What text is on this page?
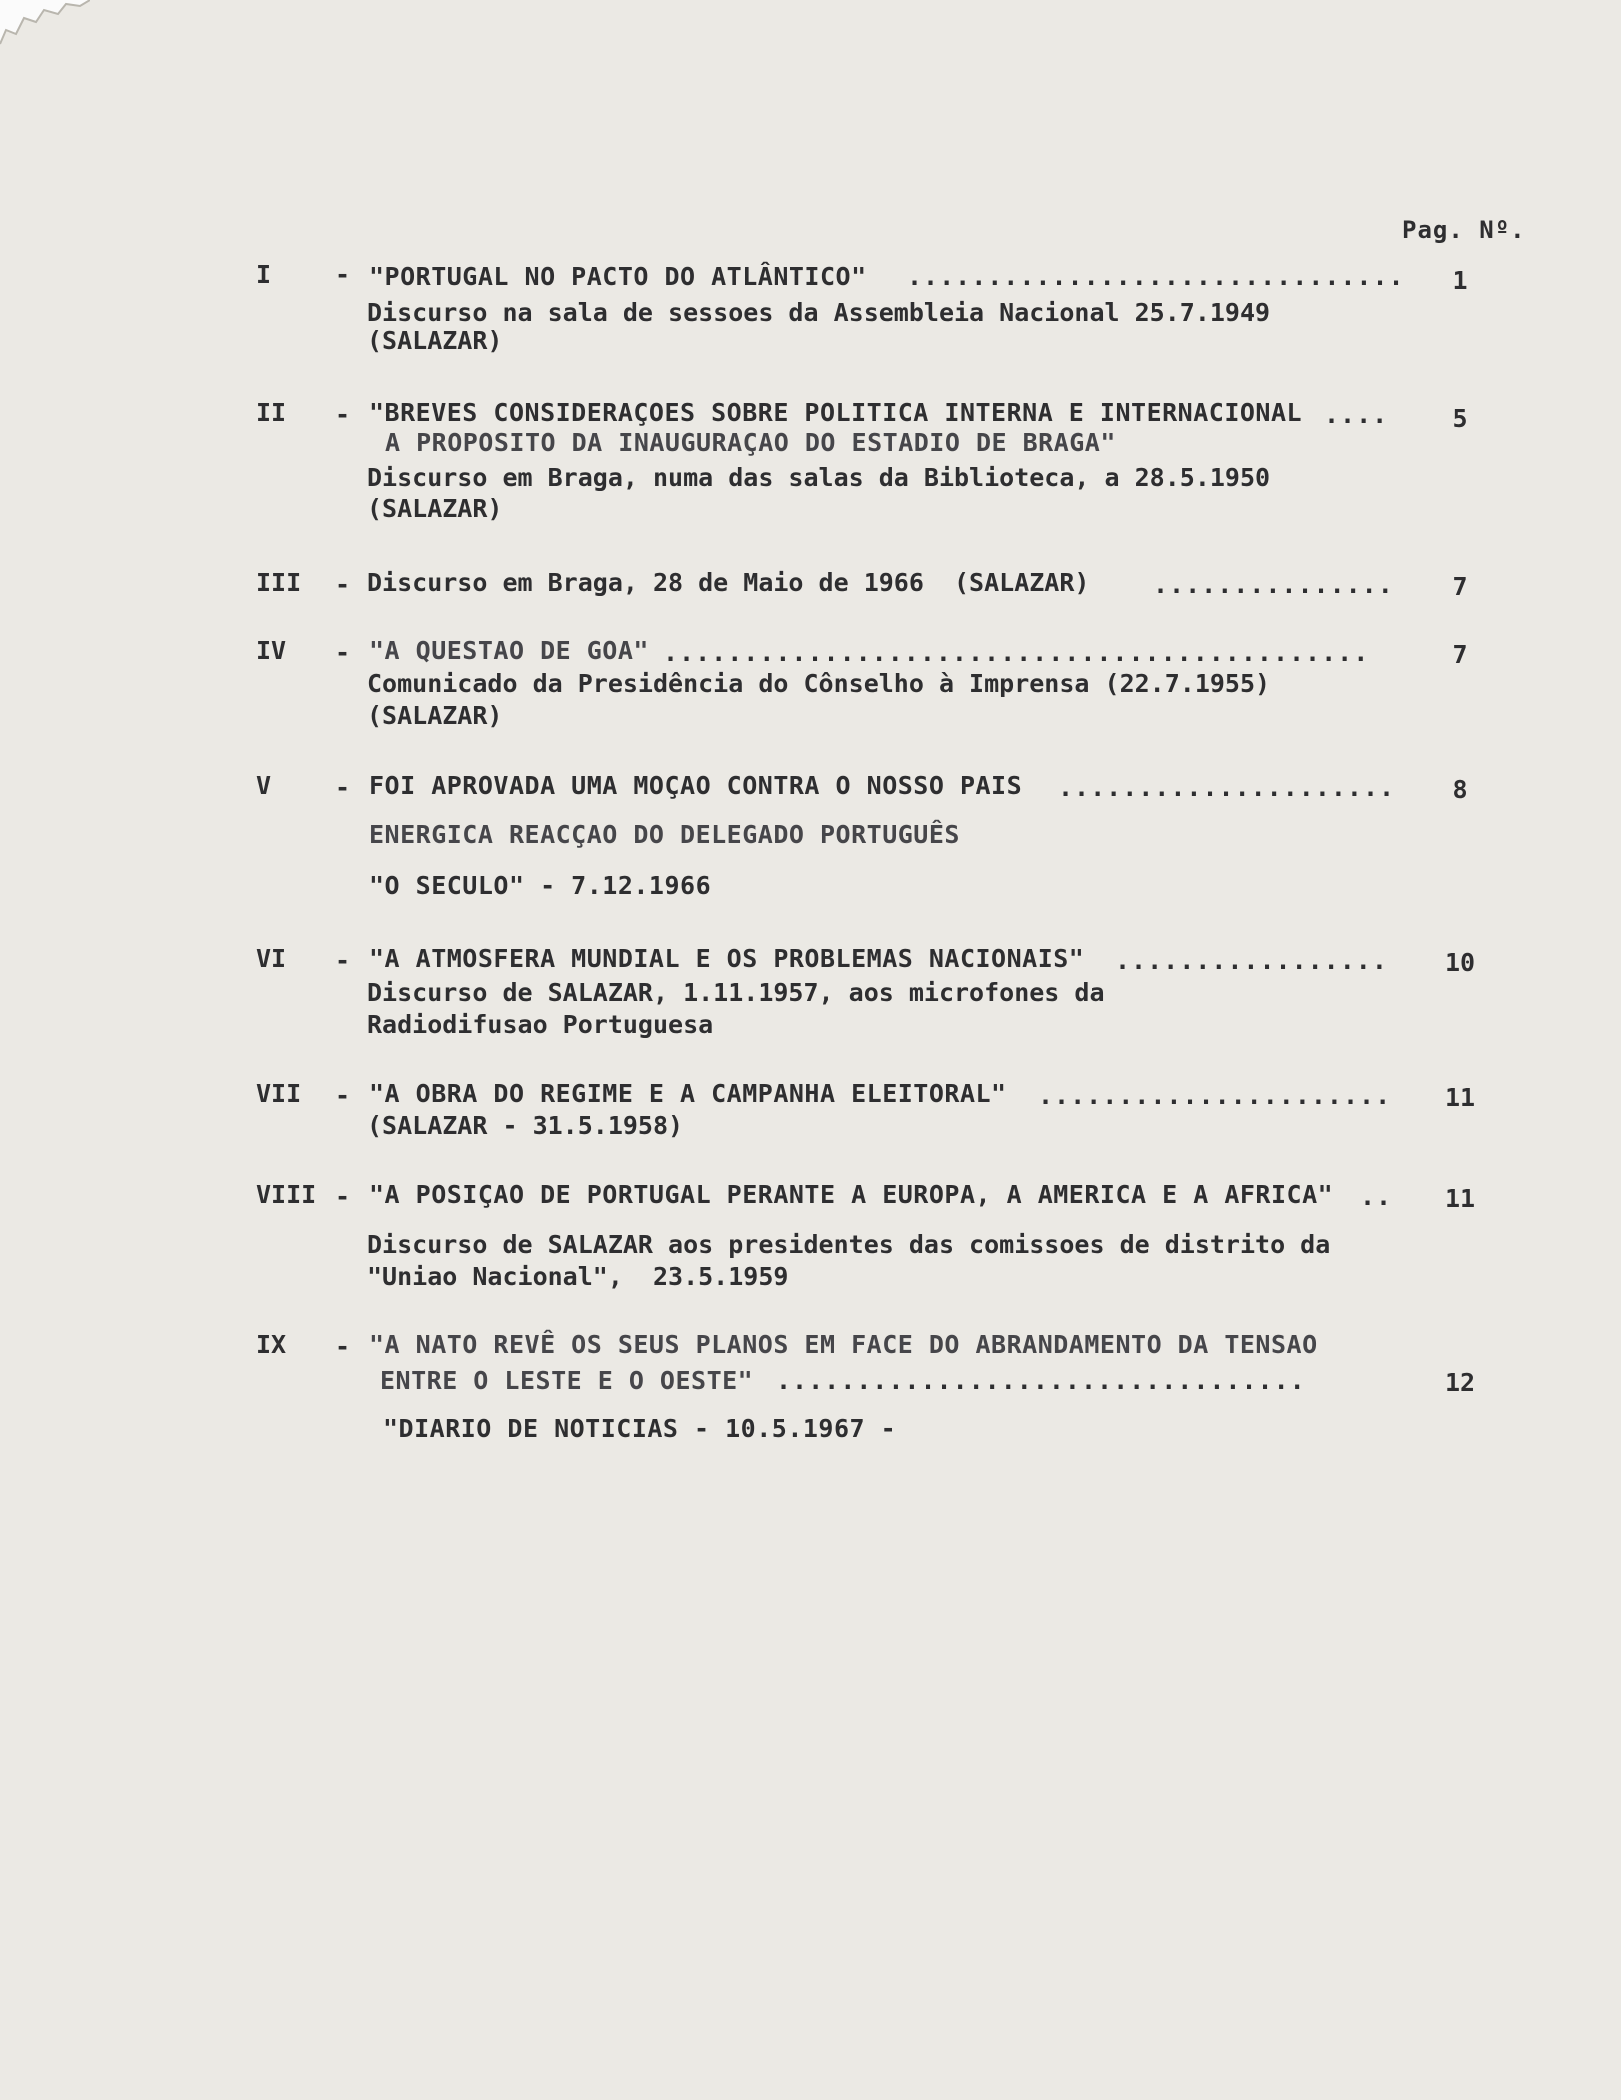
Pag. Nº.
I	- "PORTUGAL NO PACTO DO ATLÂNTICO" ...............................	1
Discurso na sala de sessoes da Assembleia Nacional 25.7.1949
(SALAZAR)
II - "BREVES CONSIDERAÇOES SOBRE POLITICA INTERNA E INTERNACIONAL ....	5
A PROPOSITO DA INAUGURAÇAO DO ESTADIO DE BRAGA"
Discurso em Braga, numa das salas da Biblioteca, a 28.5.1950
(SALAZAR)
III - Discurso em Braga, 28 de Maio de 1966  (SALAZAR)	...............	7
IV - "A QUESTAO DE GOA" ............................................	7
Comunicado da Presidência do Cônselho à Imprensa (22.7.1955)
(SALAZAR)
V	- FOI APROVADA UMA MOÇAO CONTRA O NOSSO PAIS .....................	8
ENERGICA REACÇAO DO DELEGADO PORTUGUÊS
"O SECULO" - 7.12.1966
VI - "A ATMOSFERA MUNDIAL E OS PROBLEMAS NACIONAIS" ................. 10
Discurso de SALAZAR, 1.11.1957, aos microfones da
Radiodifusao Portuguesa
VII - "A OBRA DO REGIME E A CAMPANHA ELEITORAL" ...................... 11
(SALAZAR - 31.5.1958)
VIII - "A POSIÇAO DE PORTUGAL PERANTE A EUROPA, A AMERICA E A AFRICA" .. 11
Discurso de SALAZAR aos presidentes das comissoes de distrito da
"Uniao Nacional",  23.5.1959
IX - "A NATO REVÊ OS SEUS PLANOS EM FACE DO ABRANDAMENTO DA TENSAO
ENTRE O LESTE E O OESTE" .................................	12
"DIARIO DE NOTICIAS - 10.5.1967 -
